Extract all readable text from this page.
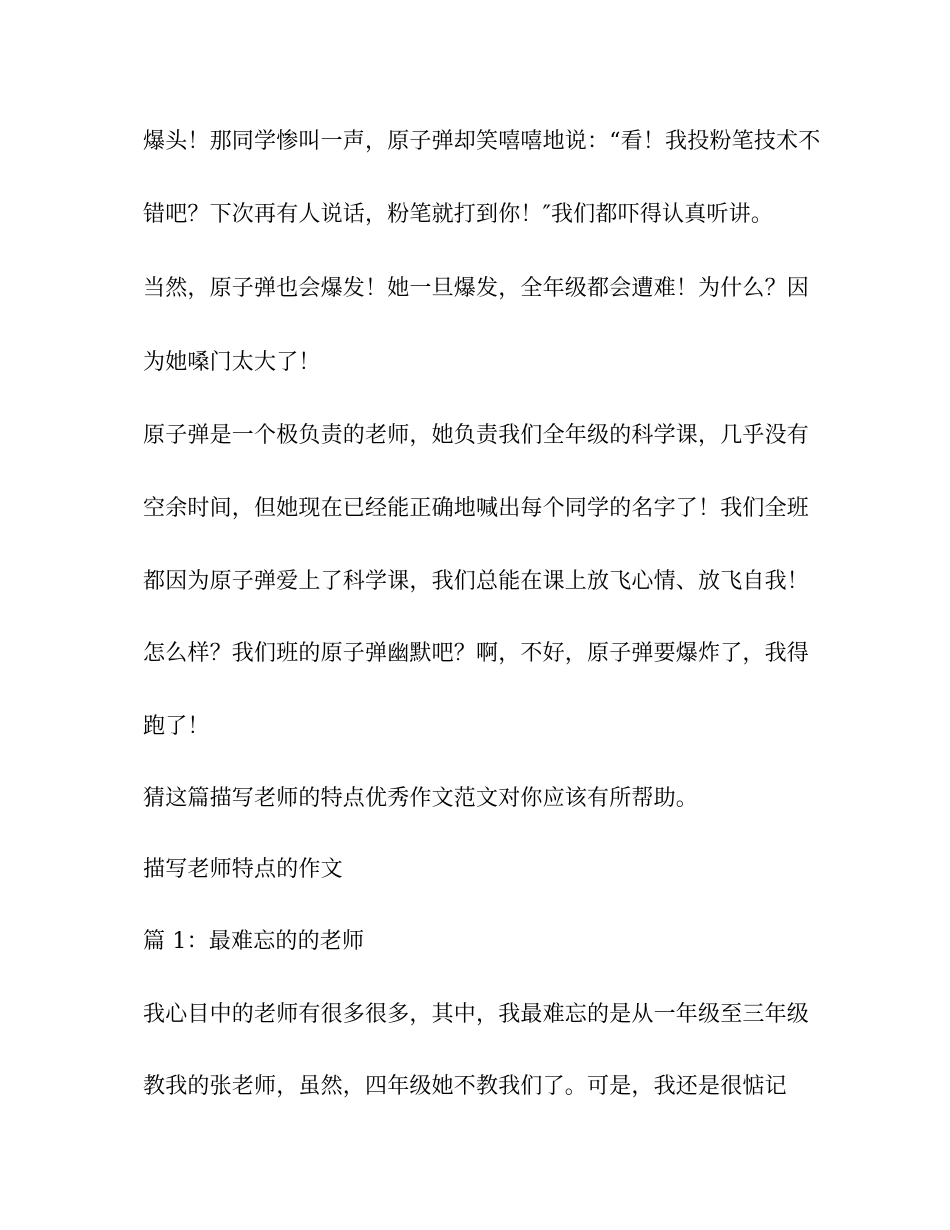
爆头！那同学惨叫一声，原子弹却笑嘻嘻地说：“看！我投粉笔技术不
错吧？下次再有人说话，粉笔就打到你！″我们都吓得认真听讲。
当然，原子弹也会爆发！她一旦爆发，全年级都会遭难！为什么？因
为她嗓门太大了！
原子弹是一个极负责的老师，她负责我们全年级的科学课，几乎没有
空余时间，但她现在已经能正确地喊出每个同学的名字了！我们全班
都因为原子弹爱上了科学课，我们总能在课上放飞心情、放飞自我！
怎么样？我们班的原子弹幽默吧？啊，不好，原子弹要爆炸了，我得
跑了！
猜这篇描写老师的特点优秀作文范文对你应该有所帮助。
描写老师特点的作文
篇 1：最难忘的的老师
我心目中的老师有很多很多，其中，我最难忘的是从一年级至三年级
教我的张老师，虽然，四年级她不教我们了。可是，我还是很惦记
